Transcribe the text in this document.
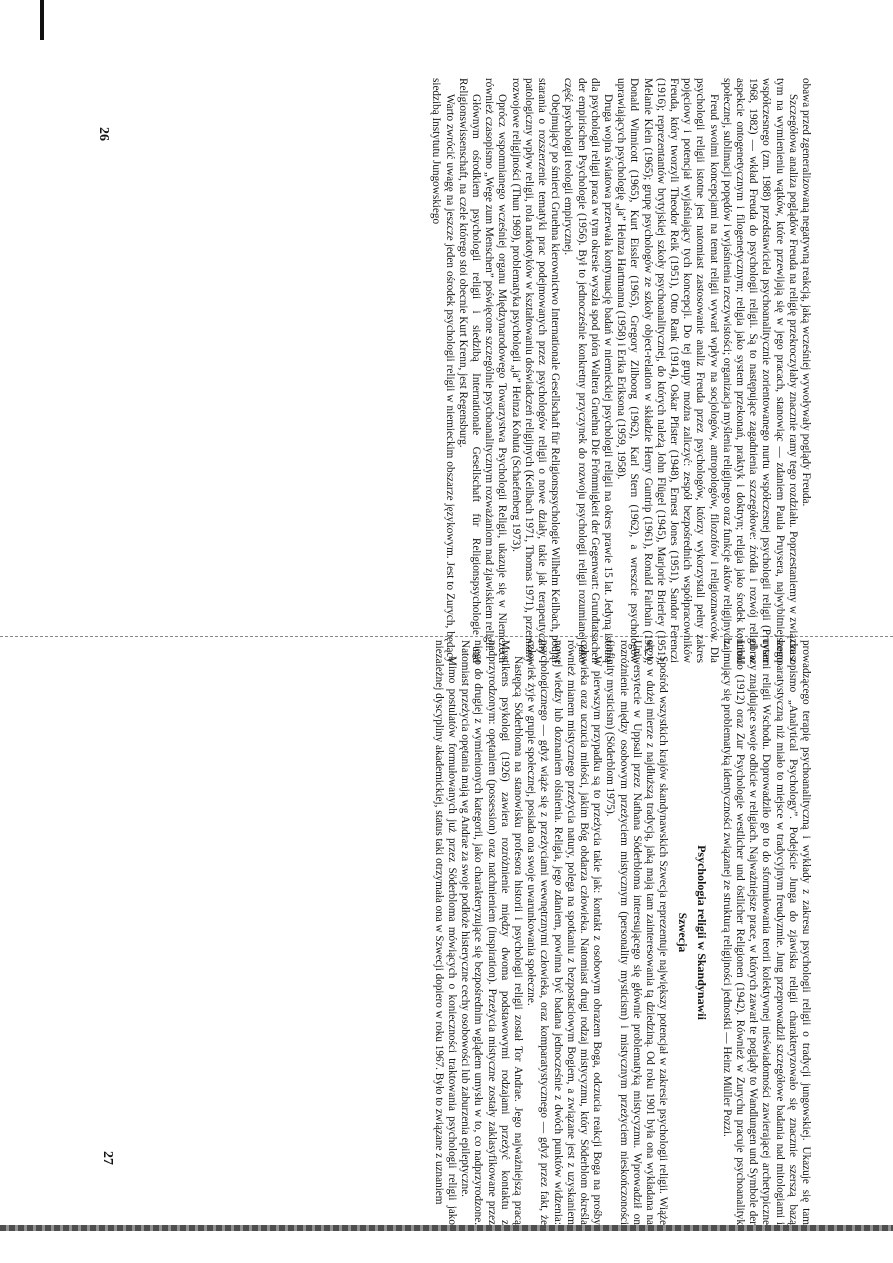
obawa przed zgeneralizowaną negatywną reakcją, jaką wcześniej wywoływały poglądy Freuda.

Szczegółowa analiza poglądów Freuda na religię przekroczyłaby znacznie ramy tego rozdziału. Poprzestaniemy w związku z tym na wymienieniu wątków, które przewijają się w jego pracach, stanowiąc — zdaniem Paula Pruysera, najwybitniejszego współczesnego (zm. 1988) przedstawiciela psychoanalitycznie zorientowanego nurtu współczesnej psychologii religii (Pruyser 1968, 1982) — wkład Freuda do psychologii religii. Są to następujące zagadnienia szczegółowe: źródła i rozwój religii w aspekcie ontogenetycznym i filogenetycznym; religia jako system przekonań, praktyk i doktryn; religia jako środek kontroli społecznej, sublimacji popędów i wyjaśnienia rzeczywistości; organizacja myślenia religijnego oraz funkcje aktów religijnych.

Freud swoimi koncepcjami na temat religii wywarł wpływ na socjologów, antropologów, filozofów i religioznawców. Dla psychologii religii istotne jest natomiast zastosowanie analiz Freuda przez psychologów, którzy wykorzystali pełny zakres pojęciowy i potencjał wyjaśniający tych koncepcji. Do tej grupy można zaliczyć: zespół bezpośrednich współpracowników Freuda, który tworzyli Theodor Reik (1951), Otto Rank (1914), Oskar Pfister (1948), Ernest Jones (1951), Sandor Ferenczi (1916); reprezentantów brytyjskiej szkoły psychoanalitycznej, do których należą John Flügel (1945), Marjorie Brierley (1951), Melanie Klein (1965); grupę psychologów ze szkoły object-relation w składzie Henry Guntrip (1961), Ronald Fairbain (1952), Donald Winnicott (1965), Kurt Eissler (1965), Gregory Zilboorg (1962), Karl Stern (1962), a wreszcie psychologów uprawiających psychologię „ja” Heinza Hartmanna (1958) i Erika Eriksona (1959, 1958).

Druga wojna światowa przerwała kontynuację badań w niemieckiej psychologii religii na okres prawie 15 lat. Jedyną istotną dla psychologii religii praca w tym okresie wyszła spod pióra Waltera Gruehna Die Frömmigkeit der Gegenwart: Grundtatsachen der empirischen Psychologie (1956). Był to jednocześnie konkretny przyczynek do rozwoju psychologii religii rozumianej jako część psychologii teologii empirycznej.

Obejmujący po śmierci Gruehna kierownictwo Internationale Gesellschaft für Religionspsychologie Wilhelm Keilbach, podjął starania o rozszerzenie tematyki prac podejmowanych przez psychologów religii o nowe działy, takie jak terapeutyczny i patologiczny wpływ religii, rola narkotyków w kształtowaniu doświadczeń religijnych (Keilbach 1971, Thomas 1971), przemiany rozwojowe religijności (Thun 1969), problematyka psychologii „ja” Heinza Kohuta (Schaefenberg 1973).

Oprócz wspomnianego wcześniej organu Międzynarodowego Towarzystwa Psychologii Religii, ukazuje się w Niemczech również czasopismo „Wege zum Menschen” poświęcone szczególnie psychoanalitycznym rozważaniom nad zjawiskiem religii.

Głównym ośrodkiem psychologii religii i siedzibą Internationale Gesellschaft für Religionspsychologie und Religionswissenschaft, na czele którego stoi obecnie Kurt Krenn, jest Regensburg.

Warto zwrócić uwagę na jeszcze jeden ośrodek psychologii religii w niemieckim obszarze językowym. Jest to Zurych, będący siedzibą Instytutu Jungowskiego

26

prowadzącego terapię psychoanalityczną i wykłady z zakresu psychologii religii o tradycji jungowskiej. Ukazuje się tam czasopismo „Analytical Psychology”. Podejście Junga do zjawiska religii charakteryzowało się znacznie szerszą bazą komparatystyczną niż miało to miejsce w tradycyjnym freudyzmie. Jung przeprowadził szczegółowe badania nad mitologiami i rytami religii Wschodu. Doprowadziło go to do sformułowania teorii kolektywnej nieświadomości zawierającej archetypiczne obrazy znajdujące swoje odbicie w religiach. Najważniejsze prace, w których zawarł te poglądy to Wandlungen und Symbole der Libido (1912) oraz Zur Psychologie westlicher und östlicher Religionen (1942). Również w Zurychu pracuje psychoanalityk zajmujący się problematyką identyczności związanej ze strukturą religijności jednostki — Heinz Müller Pozzi.

Psychologia religii w Skandynawii
Szwecja

Spośród wszystkich krajów skandynawskich Szwecja reprezentuje największy potencjał w zakresie psychologii religii. Wiąże się to w dużej mierze z najdłuższą tradycją, jaką mają tam zainteresowania tą dziedziną. Od roku 1901 była ona wykładana na Uniwersytecie w Uppsali przez Nathana Söderbloma interesującego się głównie problematyką mistycyzmu. Wprowadził on rozróżnienie między osobowym przeżyciem mistycznym (personality mysticism) i mistycznym przeżyciem nieskończoności (infinity mysticism) (Söderblom 1975).

W pierwszym przypadku są to przeżycia takie jak: kontakt z osobowym obrazem Boga, odczucia reakcji Boga na prośby człowieka oraz uczucia miłości, jakim Bóg obdarza człowieka. Natomiast drugi rodzaj mistycyzmu, który Söderblom określa również mianem mistycznego przeżycia natury, polega na spotkaniu z bezpostaciowym Bogiem, a związane jest z uzyskaniem nowej wiedzy lub doznaniem olśnienia. Religia, jego zdaniem, powinna być badana jednocześnie z dwóch punktów widzenia: psychologicznego — gdyż wiąże się z przeżyciami wewnętrznymi człowieka, oraz komparatystycznego — gdyż przez fakt, że człowiek żyje w grupie społecznej, posiada ona swoje uwarunkowania społeczne.

Następcą Söderbloma na stanowisku profesora historii i psychologii religii został Tor Andrae. Jego najważniejszą pracą Mystikens psykologi (1926) zawiera rozróżnienie między dwoma podstawowymi rodzajami przeżyć kontaktu z nadprzyrodzonym: opętaniem (possession) oraz natchnieniem (inspiration). Przeżycia mistyczne zostały zaklasyfikowane przez niego do drugiej z wymienionych kategorii, jako charakteryzujące się bezpośrednim wglądem umysłu w to, co nadprzyrodzone. Natomiast przeżycia opętania mają wg Andrae za swoje podłoże histeryczne cechy osobowości lub zaburzenia epileptyczne.

Mimo postulatów formułowanych już przez Söderbloma mówiących o konieczności traktowania psychologii religii jako niezależnej dyscypliny akademickiej, status taki otrzymała ona w Szwecji dopiero w roku 1967. Było to związane z uznaniem

27
